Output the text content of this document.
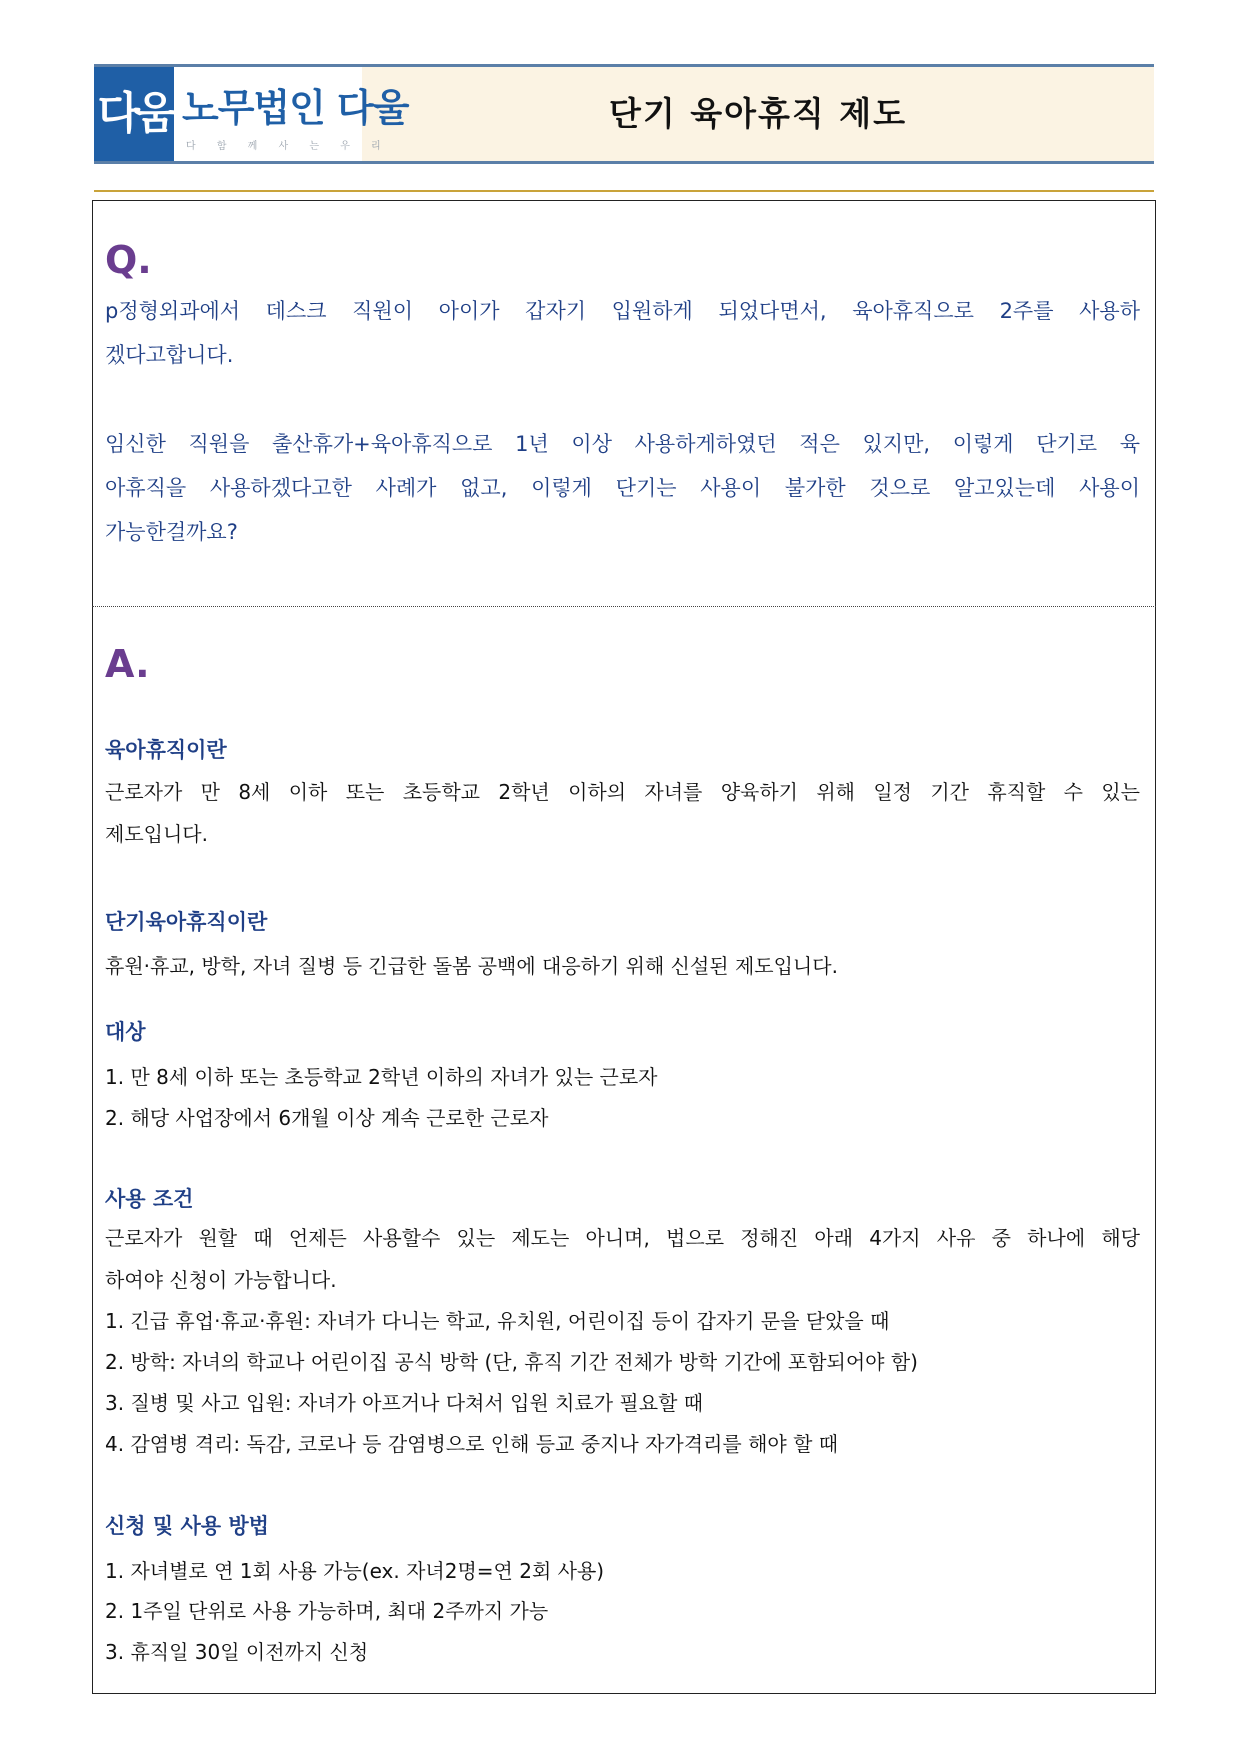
다움 노무법인 다울
다 함 께 사 는 우 리
단기 육아휴직 제도
Q.
p정형외과에서 데스크 직원이 아이가 갑자기 입원하게 되었다면서, 육아휴직으로 2주를 사용하
겠다고합니다.
임신한 직원을 출산휴가+육아휴직으로 1년 이상 사용하게하였던 적은 있지만, 이렇게 단기로 육
아휴직을 사용하겠다고한 사례가 없고, 이렇게 단기는 사용이 불가한 것으로 알고있는데 사용이
가능한걸까요?
A.
육아휴직이란
근로자가 만 8세 이하 또는 초등학교 2학년 이하의 자녀를 양육하기 위해 일정 기간 휴직할 수 있는
제도입니다.
단기육아휴직이란
휴원·휴교, 방학, 자녀 질병 등 긴급한 돌봄 공백에 대응하기 위해 신설된 제도입니다.
대상
1. 만 8세 이하 또는 초등학교 2학년 이하의 자녀가 있는 근로자
2. 해당 사업장에서 6개월 이상 계속 근로한 근로자
사용 조건
근로자가 원할 때 언제든 사용할수 있는 제도는 아니며, 법으로 정해진 아래 4가지 사유 중 하나에 해당
하여야 신청이 가능합니다.
1. 긴급 휴업·휴교·휴원: 자녀가 다니는 학교, 유치원, 어린이집 등이 갑자기 문을 닫았을 때
2. 방학: 자녀의 학교나 어린이집 공식 방학 (단, 휴직 기간 전체가 방학 기간에 포함되어야 함)
3. 질병 및 사고 입원: 자녀가 아프거나 다쳐서 입원 치료가 필요할 때
4. 감염병 격리: 독감, 코로나 등 감염병으로 인해 등교 중지나 자가격리를 해야 할 때
신청 및 사용 방법
1. 자녀별로 연 1회 사용 가능(ex. 자녀2명=연 2회 사용)
2. 1주일 단위로 사용 가능하며, 최대 2주까지 가능
3. 휴직일 30일 이전까지 신청
